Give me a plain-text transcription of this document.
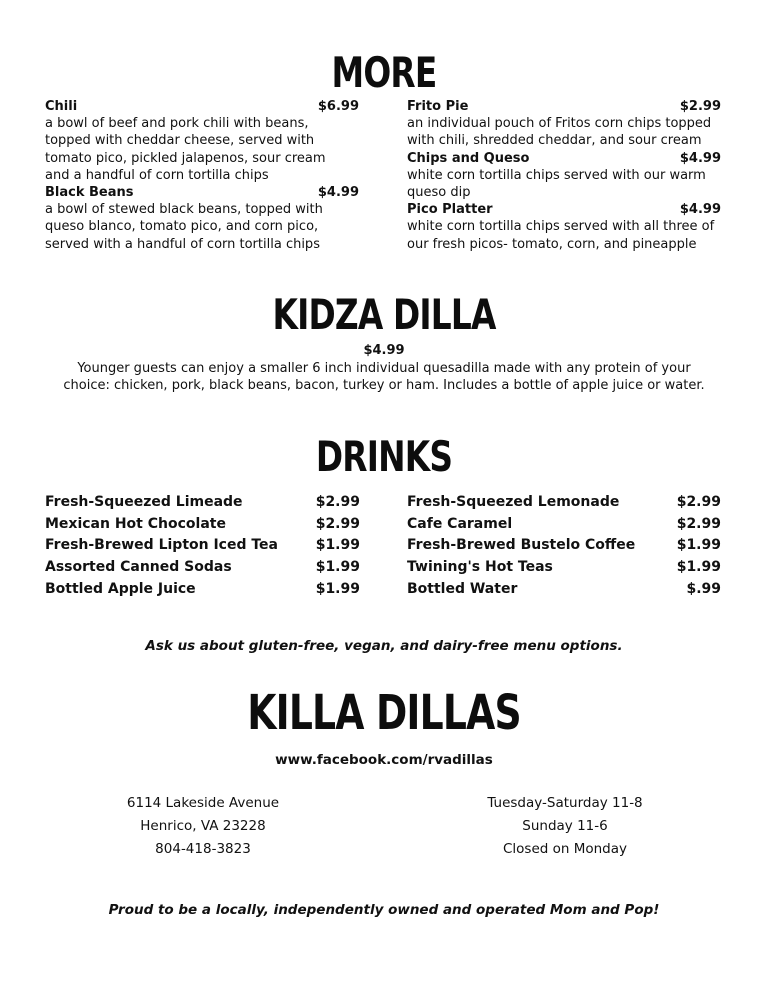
MORE
Chili	$6.99

a bowl of beef and pork chili with beans,

topped with cheddar cheese, served with

tomato pico, pickled jalapenos, sour cream

and a handful of corn tortilla chips

Black Beans	$4.99

a bowl of stewed black beans, topped with

queso blanco, tomato pico, and corn pico,

served with a handful of corn tortilla chips

Frito Pie	$2.99

an individual pouch of Fritos corn chips topped

with chili, shredded cheddar, and sour cream

Chips and Queso	$4.99

white corn tortilla chips served with our warm

queso dip

Pico Platter	$4.99

white corn tortilla chips served with all three of

our fresh picos- tomato, corn, and pineapple

KIDZA DILLA

$4.99

Younger guests can enjoy a smaller 6 inch individual quesadilla made with any protein of your

choice: chicken, pork, black beans, bacon, turkey or ham. Includes a bottle of apple juice or water.

DRINKS
Fresh-Squeezed Limeade	$2.99
Mexican Hot Chocolate	$2.99
Fresh-Brewed Lipton Iced Tea	$1.99
Assorted Canned Sodas	$1.99
Bottled Apple Juice	$1.99
Fresh-Squeezed Lemonade	$2.99
Cafe Caramel	$2.99
Fresh-Brewed Bustelo Coffee	$1.99
Twining's Hot Teas	$1.99
Bottled Water	$.99

Ask us about gluten-free, vegan, and dairy-free menu options.

KILLA DILLAS

www.facebook.com/rvadillas

6114 Lakeside Avenue

Henrico, VA 23228

804-418-3823

Tuesday-Saturday 11-8

Sunday 11-6

Closed on Monday

Proud to be a locally, independently owned and operated Mom and Pop!
